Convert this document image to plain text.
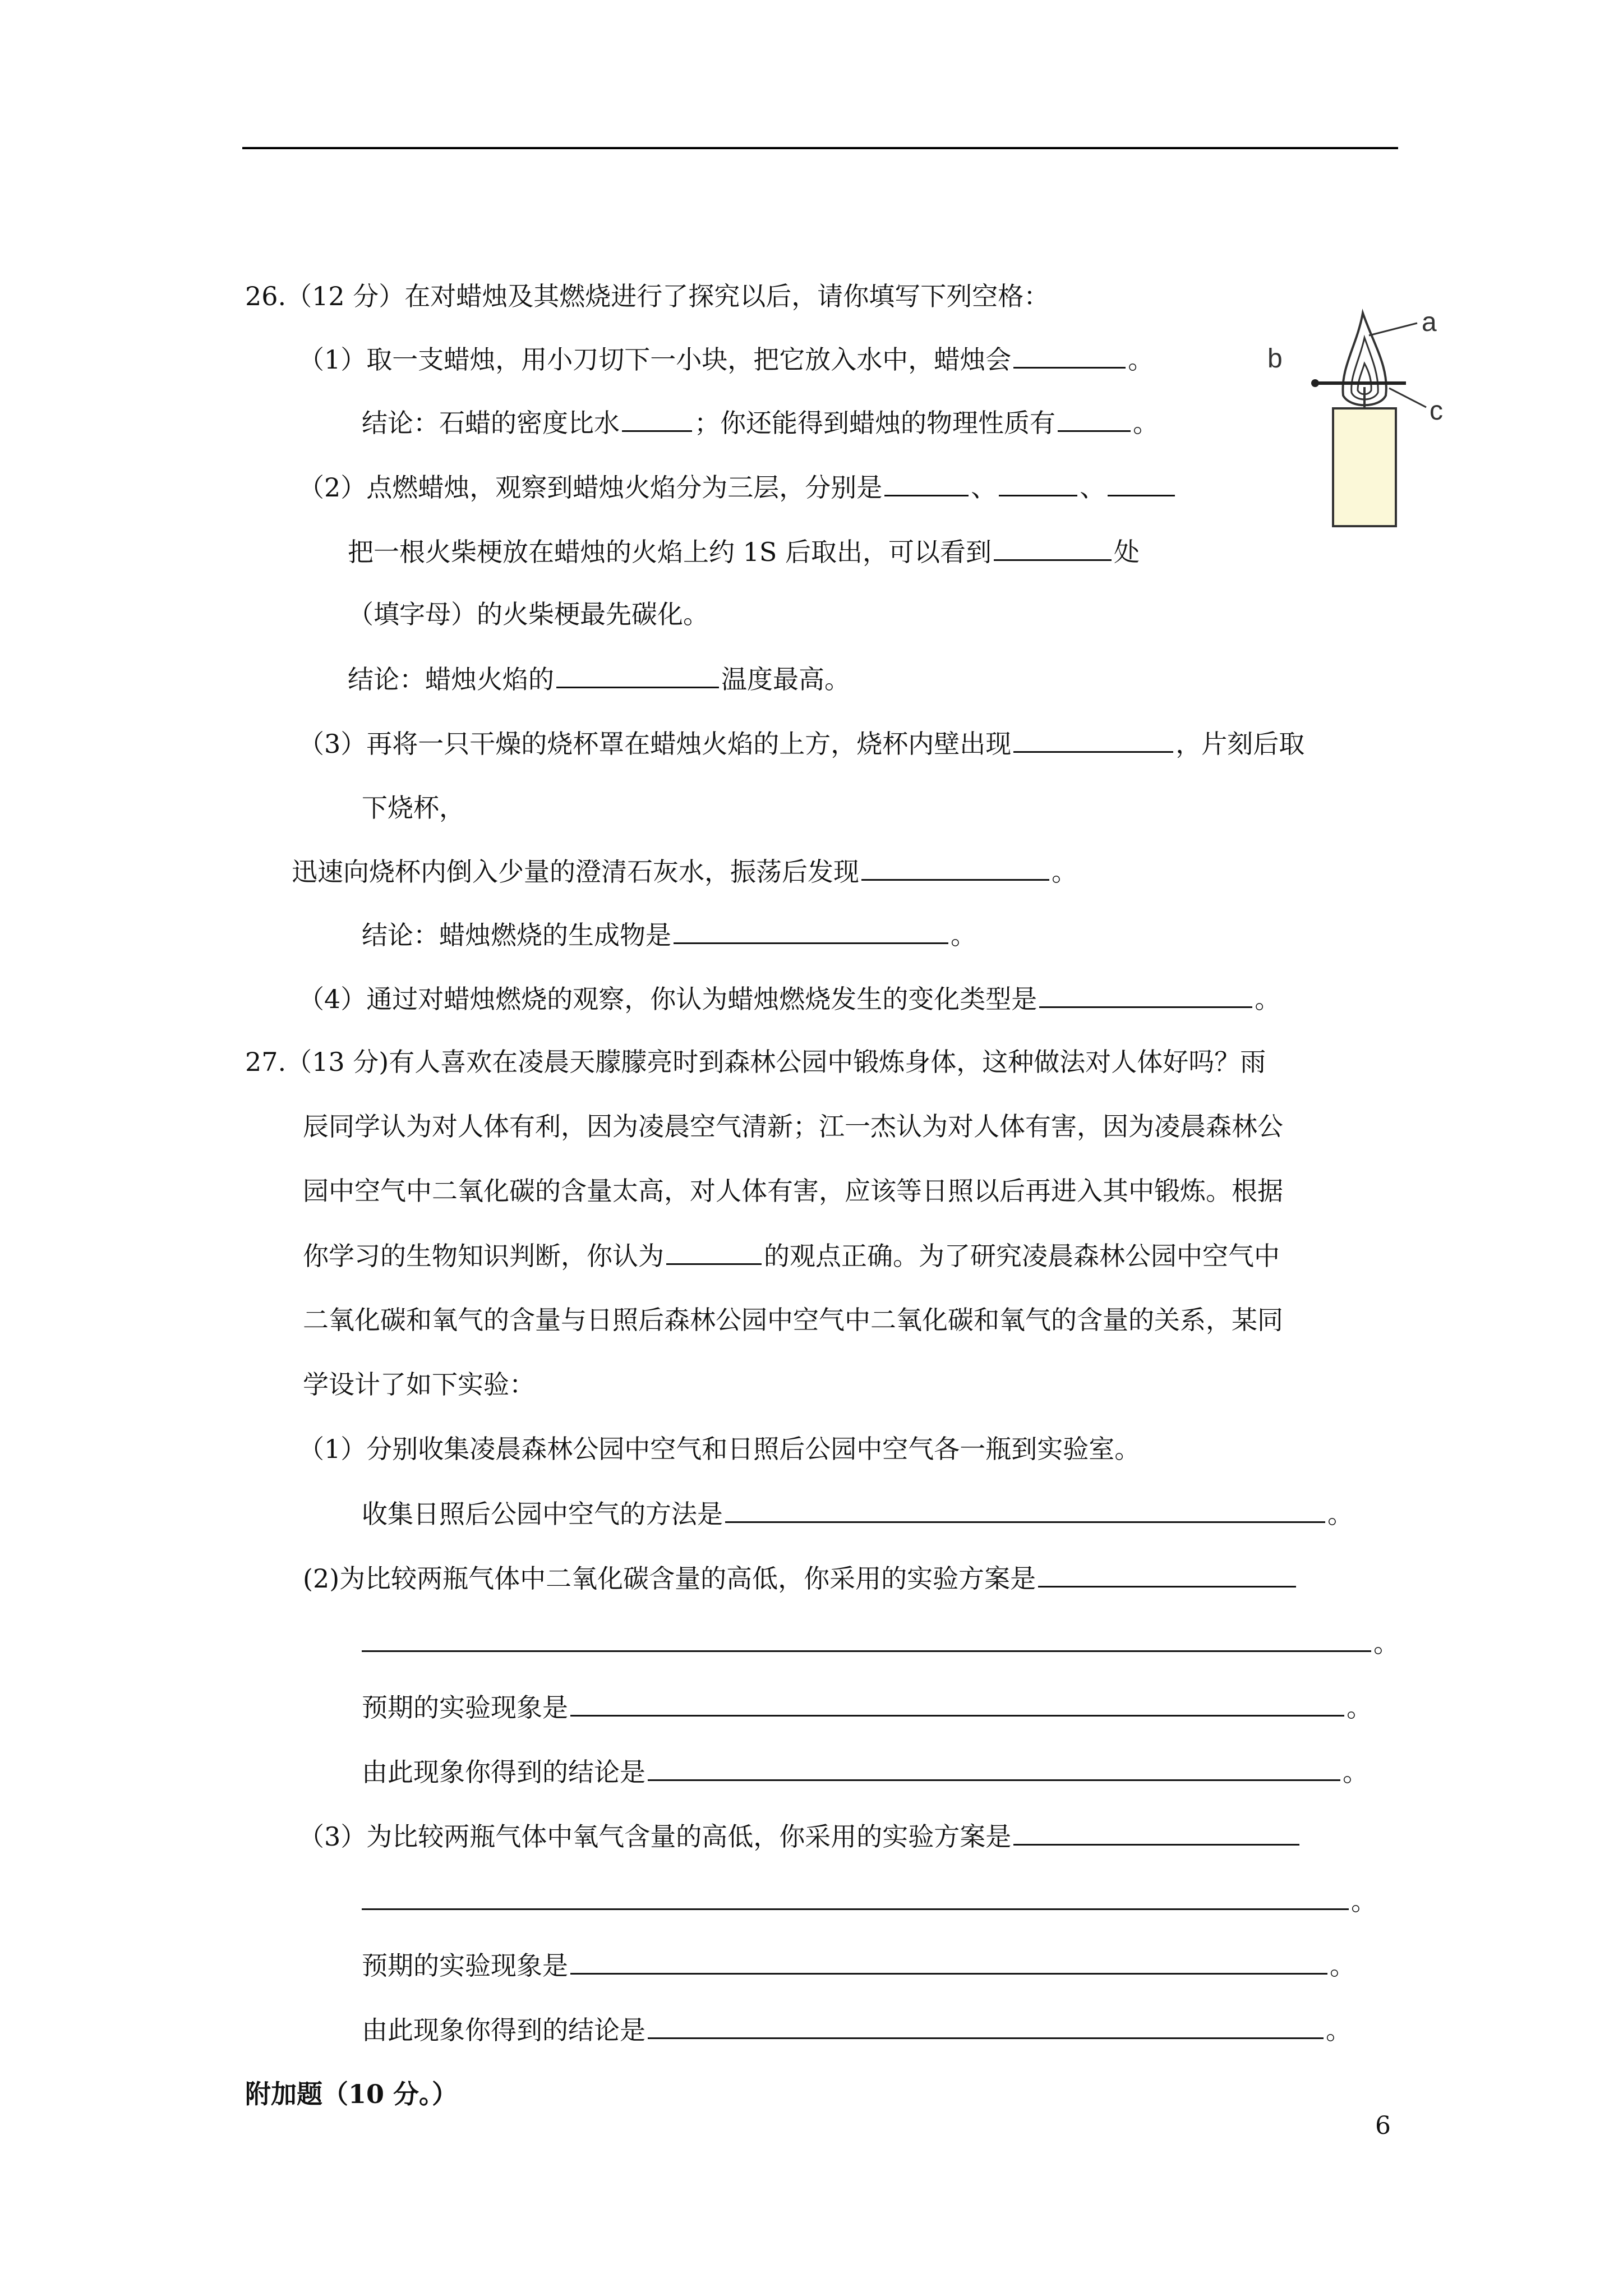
26.（12 分）在对蜡烛及其燃烧进行了探究以后，请你填写下列空格：
（1）取一支蜡烛，用小刀切下一小块，把它放入水中，蜡烛会	。
结论：石蜡的密度比水	；你还能得到蜡烛的物理性质有	。
（2）点燃蜡烛，观察到蜡烛火焰分为三层，分别是	、	、
把一根火柴梗放在蜡烛的火焰上约 1S 后取出，可以看到	处
（填字母）的火柴梗最先碳化。
结论：蜡烛火焰的	温度最高。
（3）再将一只干燥的烧杯罩在蜡烛火焰的上方，烧杯内壁出现	，片刻后取
下烧杯，
迅速向烧杯内倒入少量的澄清石灰水，振荡后发现	。
结论：蜡烛燃烧的生成物是	。
（4）通过对蜡烛燃烧的观察，你认为蜡烛燃烧发生的变化类型是	。
a
b
c
27.（13 分)有人喜欢在凌晨天朦朦亮时到森林公园中锻炼身体，这种做法对人体好吗？雨
辰同学认为对人体有利，因为凌晨空气清新；江一杰认为对人体有害，因为凌晨森林公
园中空气中二氧化碳的含量太高，对人体有害，应该等日照以后再进入其中锻炼。根据
你学习的生物知识判断，你认为	的观点正确。为了研究凌晨森林公园中空气中
二氧化碳和氧气的含量与日照后森林公园中空气中二氧化碳和氧气的含量的关系，某同
学设计了如下实验：
（1）分别收集凌晨森林公园中空气和日照后公园中空气各一瓶到实验室。
收集日照后公园中空气的方法是	。
(2)为比较两瓶气体中二氧化碳含量的高低，你采用的实验方案是
。
预期的实验现象是	。
由此现象你得到的结论是	。
（3）为比较两瓶气体中氧气含量的高低，你采用的实验方案是
。
预期的实验现象是	。
由此现象你得到的结论是	。
附加题（10 分。）
6
